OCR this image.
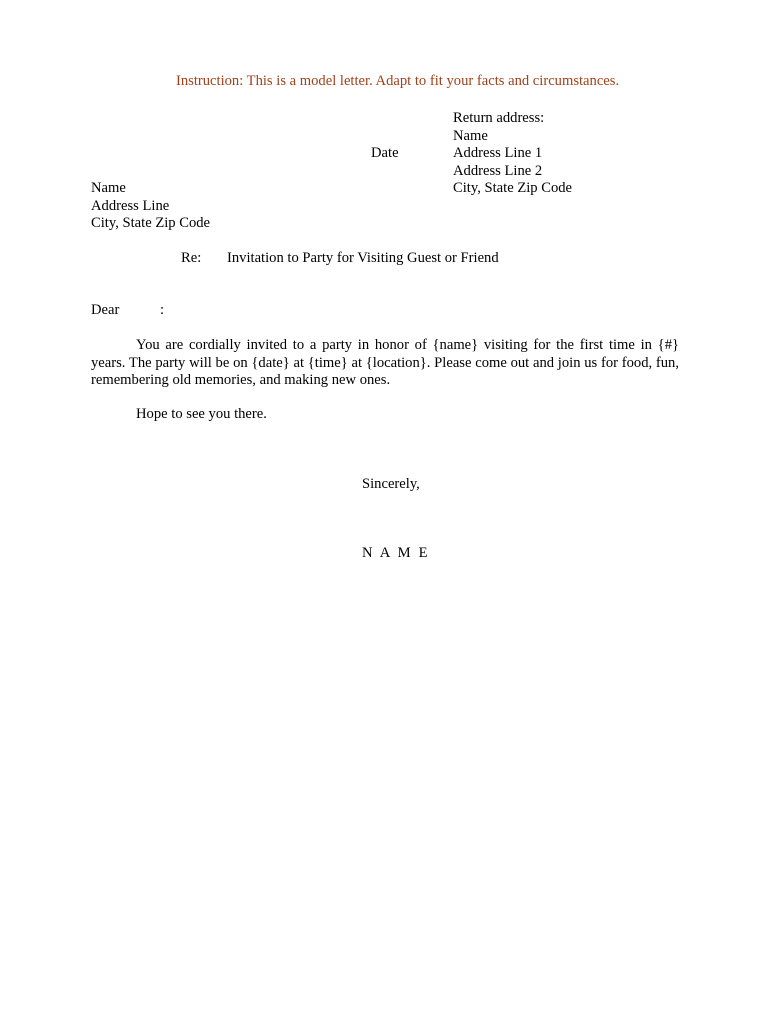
Instruction: This is a model letter. Adapt to fit your facts and circumstances.
Return address:
Name
Address Line 1
Address Line 2
City, State Zip Code
Date
Name
Address Line
City, State Zip Code
Re: Invitation to Party for Visiting Guest or Friend
Dear	:
You are cordially invited to a party in honor of {name} visiting for the first time in {#} years. The party will be on {date} at {time} at {location}. Please come out and join us for food, fun, remembering old memories, and making new ones.
Hope to see you there.
Sincerely,
N A M E
